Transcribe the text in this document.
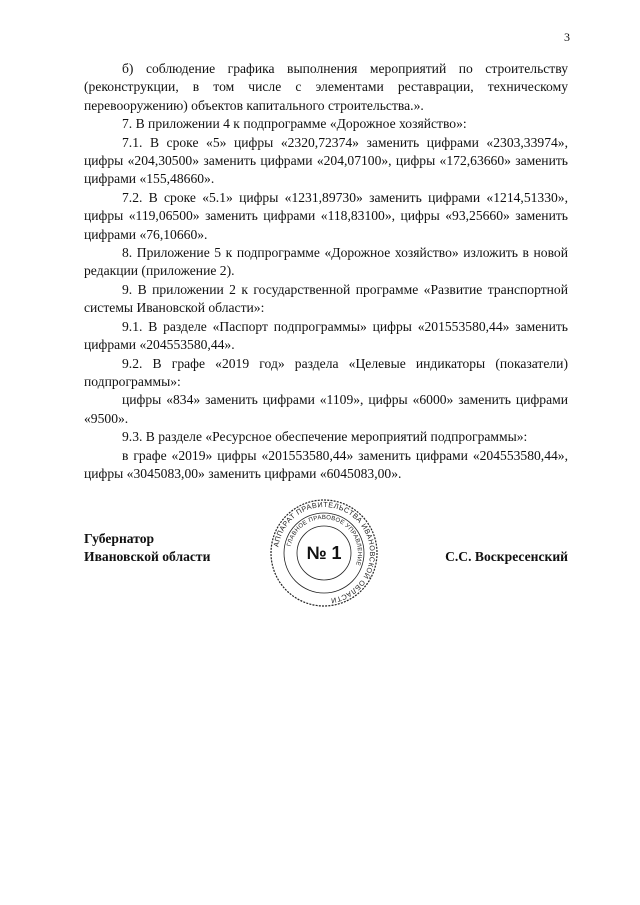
3

б) соблюдение графика выполнения мероприятий по строительству (реконструкции, в том числе с элементами реставрации, техническому перевооружению) объектов капитального строительства.».

7. В приложении 4 к подпрограмме «Дорожное хозяйство»:

7.1. В сроке «5» цифры «2320,72374» заменить цифрами «2303,33974», цифры «204,30500» заменить цифрами «204,07100», цифры «172,63660» заменить цифрами «155,48660».

7.2. В сроке «5.1» цифры «1231,89730» заменить цифрами «1214,51330», цифры «119,06500» заменить цифрами «118,83100», цифры «93,25660» заменить цифрами «76,10660».

8. Приложение 5 к подпрограмме «Дорожное хозяйство» изложить в новой редакции (приложение 2).

9. В приложении 2 к государственной программе «Развитие транспортной системы Ивановской области»:

9.1. В разделе «Паспорт подпрограммы» цифры «201553580,44» заменить цифрами «204553580,44».

9.2. В графе «2019 год» раздела «Целевые индикаторы (показатели) подпрограммы»:

цифры «834» заменить цифрами «1109», цифры «6000» заменить цифрами «9500».

9.3. В разделе «Ресурсное обеспечение мероприятий подпрограммы»:

в графе «2019» цифры «201553580,44» заменить цифрами «204553580,44», цифры «3045083,00» заменить цифрами «6045083,00».

Губернатор
Ивановской области
АППАРАТ ПРАВИТЕЛЬСТВА ИВАНОВСКОЙ ОБЛАСТИ
ГЛАВНОЕ ПРАВОВОЕ УПРАВЛЕНИЕ
№ 1	С.С. Воскресенский
